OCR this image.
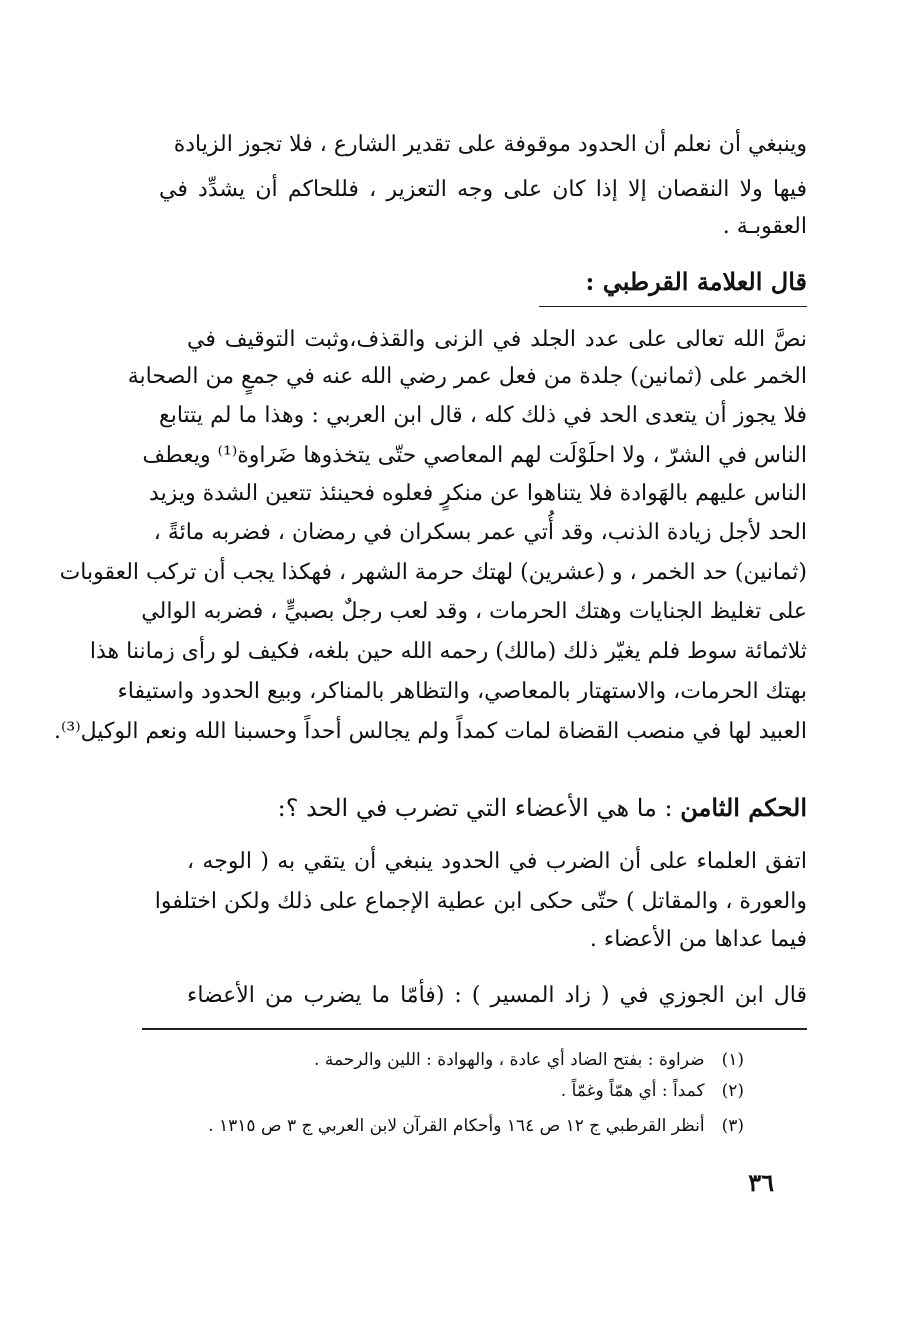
وينبغي أن نعلم أن الحدود موقوفة على تقدير الشارع ، فلا تجوز الزيادة
فيها ولا النقصان إلا إذا كان على وجه التعزير ، فللحاكم أن يشدِّد في
العقوبـة .
قال العلامة القرطبي :
نصَّ الله تعالى على عدد الجلد في الزنى والقذف،وثبت التوقيف في
الخمر على (ثمانين) جلدة من فعل عمر رضي الله عنه في جمعٍ من الصحابة
فلا يجوز أن يتعدى الحد في ذلك كله ، قال ابن العربي : وهذا ما لم يتتابع
الناس في الشرّ ، ولا احلَوْلَت لهم المعاصي حتّى يتخذوها ضَراوة⁽¹⁾ ويعطف
الناس عليهم بالهَوادة فلا يتناهوا عن منكرٍ فعلوه فحينئذ تتعين الشدة ويزيد
الحد لأجل زيادة الذنب، وقد أُتي عمر بسكران في رمضان ، فضربه مائةً ،
(ثمانين) حد الخمر ، و (عشرين) لهتك حرمة الشهر ، فهكذا يجب أن تركب العقوبات
على تغليظ الجنايات وهتك الحرمات ، وقد لعب رجلٌ بصبيٍّ ، فضربه الوالي
ثلاثمائة سوط فلم يغيّر ذلك (مالك) رحمه الله حين بلغه، فكيف لو رأى زماننا هذا
بهتك الحرمات، والاستهتار بالمعاصي، والتظاهر بالمناكر، وبيع الحدود واستيفاء
العبيد لها في منصب القضاة لمات كمداً ولم يجالس أحداً وحسبنا الله ونعم الوكيل⁽³⁾.
الحكم الثامن : ما هي الأعضاء التي تضرب في الحد ؟:
اتفق العلماء على أن الضرب في الحدود ينبغي أن يتقي به ( الوجه ،
والعورة ، والمقاتل ) حتّى حكى ابن عطية الإجماع على ذلك ولكن اختلفوا
فيما عداها من الأعضاء .
قال ابن الجوزي في ( زاد المسير ) : (فأمّا ما يضرب من الأعضاء
(١) ضراوة : بفتح الضاد أي عادة ، والهوادة : اللين والرحمة .
(٢) كمداً : أي همّاً وغمّاً .
(٣) أنظر القرطبي ج ١٢ ص ١٦٤ وأحكام القرآن لابن العربي ج ٣ ص ١٣١٥ .
٣٦
